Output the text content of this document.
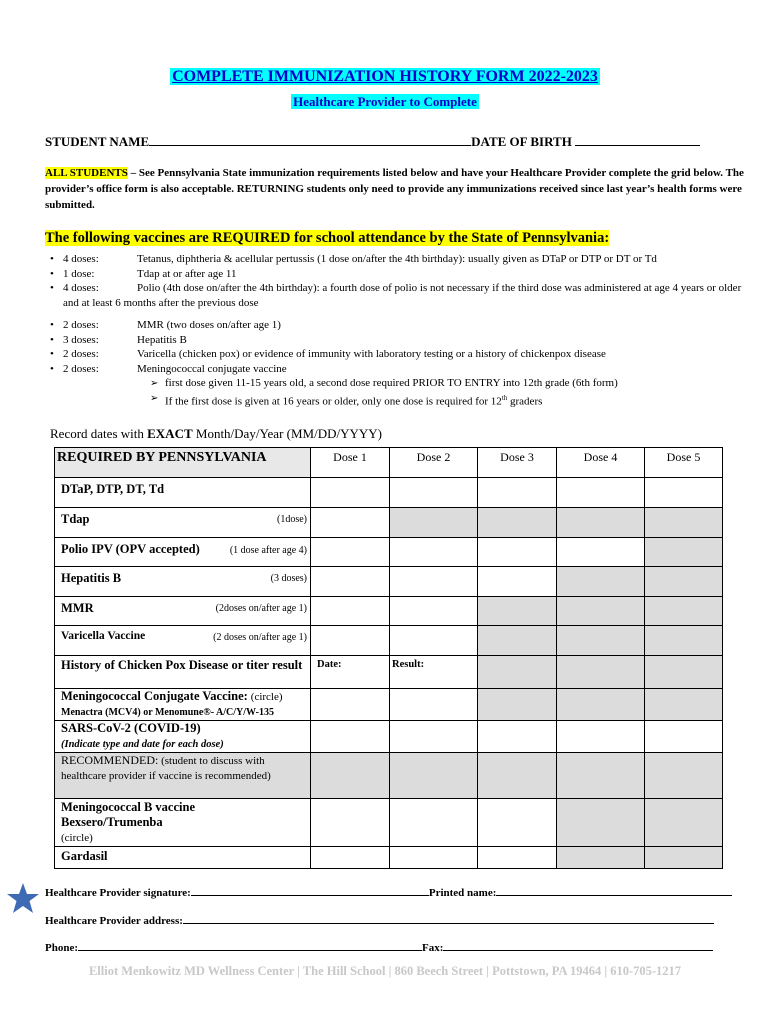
COMPLETE IMMUNIZATION HISTORY FORM 2022-2023
Healthcare Provider to Complete
STUDENT NAME	DATE OF BIRTH
ALL STUDENTS – See Pennsylvania State immunization requirements listed below and have your Healthcare Provider complete the grid below. The provider’s office form is also acceptable. RETURNING students only need to provide any immunizations received since last year’s health forms were submitted.
The following vaccines are REQUIRED for school attendance by the State of Pennsylvania:
• 4 doses:	Tetanus, diphtheria & acellular pertussis (1 dose on/after the 4th birthday): usually given as DTaP or DTP or DT or Td
• 1 dose:	Tdap at or after age 11
• 4 doses:	Polio (4th dose on/after the 4th birthday): a fourth dose of polio is not necessary if the third dose was administered at age 4 years or older and at least 6 months after the previous dose
• 2 doses:	MMR (two doses on/after age 1)
• 3 doses:	Hepatitis B
• 2 doses:	Varicella (chicken pox) or evidence of immunity with laboratory testing or a history of chickenpox disease
• 2 doses:	Meningococcal conjugate vaccine
➢ first dose given 11-15 years old, a second dose required PRIOR TO ENTRY into 12th grade (6th form)
➢ If the first dose is given at 16 years or older, only one dose is required for 12th graders
Record dates with EXACT Month/Day/Year (MM/DD/YYYY)
REQUIRED BY PENNSYLVANIA	Dose 1	Dose 2	Dose 3	Dose 4	Dose 5

DTaP, DTP, DT, Td					

Tdap (1dose)					

Polio IPV (OPV accepted) (1 dose after age 4)					

Hepatitis B (3 doses)					

MMR (2doses on/after age 1)					

Varicella Vaccine (2 doses on/after age 1)					

History of Chicken Pox Disease or titer result	Date:	Result:			

Meningococcal Conjugate Vaccine: (circle)
Menactra (MCV4) or Menomune®- A/C/Y/W-135					

SARS-CoV-2 (COVID-19)
(Indicate type and date for each dose)					

RECOMMENDED: (student to discuss with healthcare provider if vaccine is recommended)					

Meningococcal B vaccine
Bexsero/Trumenba
(circle)					

Gardasil					

Healthcare Provider signature:	Printed name:
Healthcare Provider address:
Phone:	Fax:
Elliot Menkowitz MD Wellness Center | The Hill School | 860 Beech Street | Pottstown, PA 19464 | 610-705-1217
